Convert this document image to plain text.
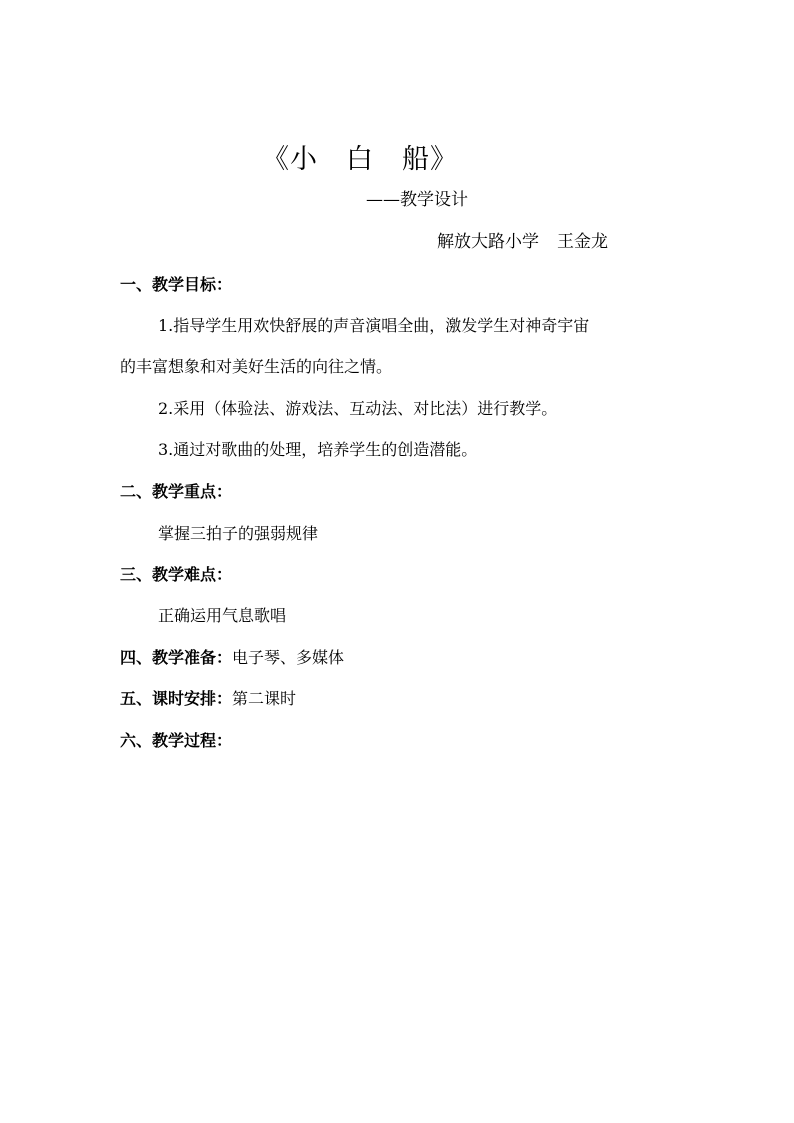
《小　白　船》
——教学设计
解放大路小学 王金龙
一、教学目标：
1.指导学生用欢快舒展的声音演唱全曲，激发学生对神奇宇宙
的丰富想象和对美好生活的向往之情。
2.采用（体验法、游戏法、互动法、对比法）进行教学。
3.通过对歌曲的处理，培养学生的创造潜能。
二、教学重点：
掌握三拍子的强弱规律
三、教学难点：
正确运用气息歌唱
四、教学准备：电子琴、多媒体
五、课时安排：第二课时
六、教学过程：
